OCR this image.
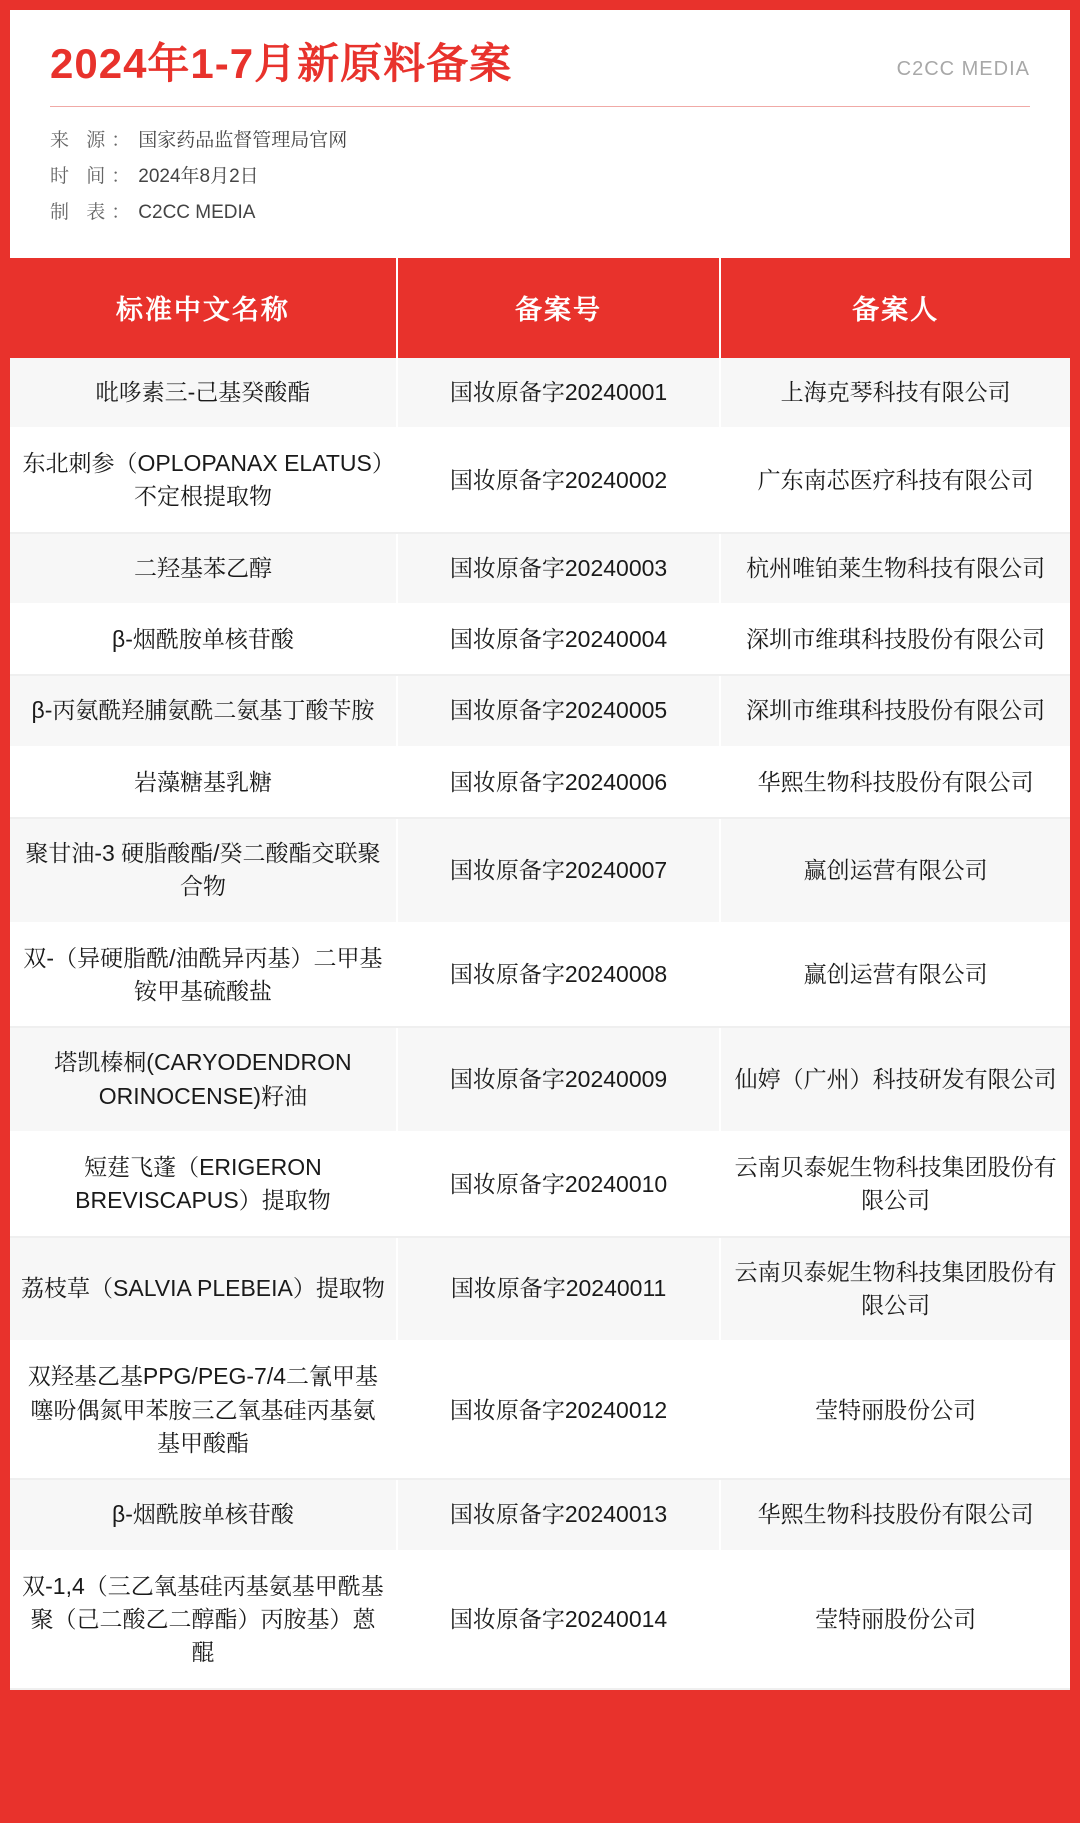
2024年1-7月新原料备案	C2CC MEDIA
来 源： 国家药品监督管理局官网
时 间： 2024年8月2日
制 表： C2CC MEDIA
标准中文名称	备案号	备案人
吡哆素三-己基癸酸酯	国妆原备字20240001	上海克琴科技有限公司
东北刺参（OPLOPANAX ELATUS）不定根提取物	国妆原备字20240002	广东南芯医疗科技有限公司
二羟基苯乙醇	国妆原备字20240003	杭州唯铂莱生物科技有限公司
β-烟酰胺单核苷酸	国妆原备字20240004	深圳市维琪科技股份有限公司
β-丙氨酰羟脯氨酰二氨基丁酸苄胺	国妆原备字20240005	深圳市维琪科技股份有限公司
岩藻糖基乳糖	国妆原备字20240006	华熙生物科技股份有限公司
聚甘油-3 硬脂酸酯/癸二酸酯交联聚合物	国妆原备字20240007	赢创运营有限公司
双-（异硬脂酰/油酰异丙基）二甲基铵甲基硫酸盐	国妆原备字20240008	赢创运营有限公司
塔凯榛桐(CARYODENDRON ORINOCENSE)籽油	国妆原备字20240009	仙婷（广州）科技研发有限公司
短莛飞蓬（ERIGERON BREVISCAPUS）提取物	国妆原备字20240010	云南贝泰妮生物科技集团股份有限公司
荔枝草（SALVIA PLEBEIA）提取物	国妆原备字20240011	云南贝泰妮生物科技集团股份有限公司
双羟基乙基PPG/PEG-7/4二氰甲基噻吩偶氮甲苯胺三乙氧基硅丙基氨基甲酸酯	国妆原备字20240012	莹特丽股份公司
β-烟酰胺单核苷酸	国妆原备字20240013	华熙生物科技股份有限公司
双-1,4（三乙氧基硅丙基氨基甲酰基聚（己二酸乙二醇酯）丙胺基）蒽醌	国妆原备字20240014	莹特丽股份公司
